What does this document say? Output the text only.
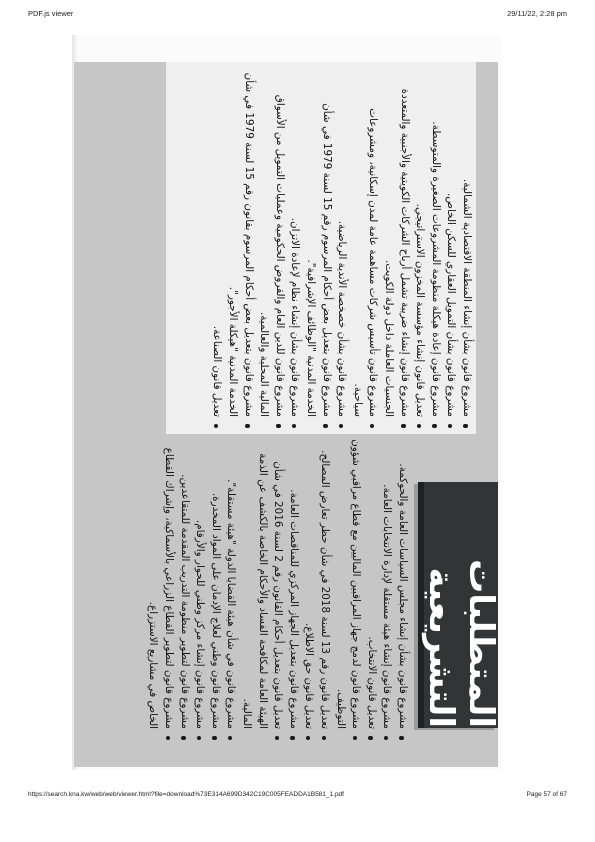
PDF.js viewer	29/11/22, 2:28 pm
المتطلبات التشريعية
مشروع قانون بشأن إنشاء مجلس السياسات العامة والحوكمة.
مشروع قانون إنشاء هيئة مستقلة لإدارة الانتخابات العامة.
تعديل قانون الانتخاب.
مشروع قانون لدمج جهاز المراقبين الماليين مع قطاع مراقبي شؤون التوظيف.
تعديل قانون رقم 13 لسنة 2018 في شأن حظر تعارض المصالح.
تعديل قانون حق الاطلاع.
مشروع قانون بتعديل الجهاز المركزي للمناقصات العامة.
تعديل قانون بتعديل أحكام القانون رقم 2 لسنة 2016 في شأن الهيئة العامة لمكافحة الفساد والأحكام الخاصة بالكشف عن الذمة المالية.
مشروع قانون في شأن هيئة القضايا الدولة "هيئة مستقلة".
مشروع قانون وطني لعلاج الإدمان على المواد المخدرة.
مشروع قانون إنشاء مركز وطني للحوار والأرقام.
مشروع قانون لتطوير منظومة التدريب المقدمة للمتقاعدين.
مشروع قانون لتطوير القطاع الزراعي بالأسماكية، وإشراك القطاع الخاص في مشاريع الاستزراع.
مشروع قانون بشأن إنشاء المنطقة الاقتصادية الشمالية.
مشروع قانون بشأن التمويل العقاري للسكن الخاص.
مشروع قانون إعادة هيكلة منظومة المشروعات الصغيرة والمتوسطة.
تعديل قانون إنشاء مؤسسة المخزون الاستراتيجي.
مشروع قانون إنشاء ضريبة تشمل أرباح الشركات الكويتية والأجنبية والمتعددة الجنسيات العاملة داخل دولة الكويت.
مشروع قانون تأسيس شركات مساهمة عامة لمدن إسكانية، ومشروعات سياحية.
مشروع قانون بشأن خصخصة الأندية الرياضية.
مشروع قانون بتعديل بعض أحكام المرسوم رقم 15 لسنة 1979 في شأن الخدمة المدنية "الوظائف الإشرافية".
مشروع قانون بشأن إنشاء نظام لإعادة الاتزان.
مشروع قانون للدين العام والقروض الحكومية وعمليات التمويل من الأسواق المالية المحلية والعالمية.
مشروع قانون بتعديل بعض أحكام المرسوم بقانون رقم 15 لسنة 1979 في شأن الخدمة المدنية "هيكلة الأجور".
تعديل قانون الصناعة.
https://search.kna.kw/web/web/viewer.html?file=download%73E314A699D342C19C005FEADDA1B581_1.pdf	Page 57 of 67
